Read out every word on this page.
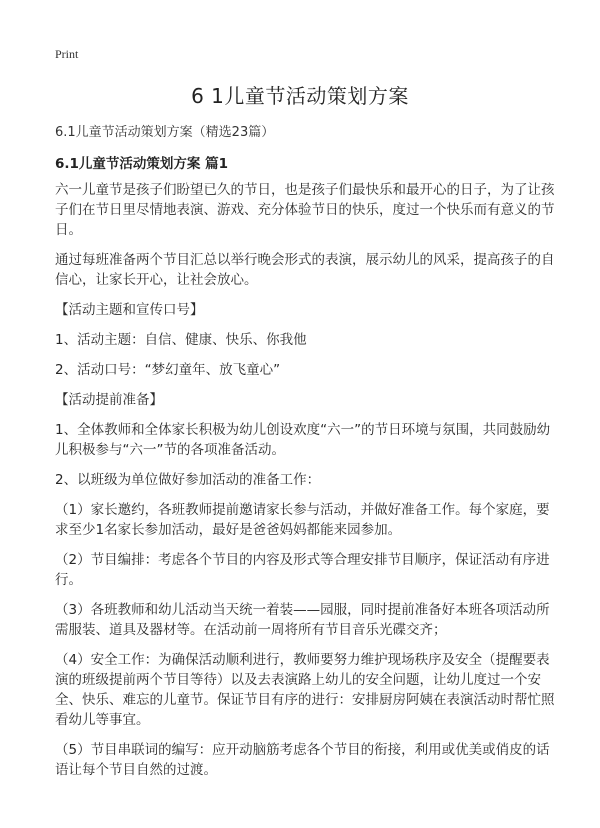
Print
6 1儿童节活动策划方案
6.1儿童节活动策划方案（精选23篇）
6.1儿童节活动策划方案 篇1

六一儿童节是孩子们盼望已久的节日，也是孩子们最快乐和最开心的日子，为了让孩子们在节日里尽情地表演、游戏、充分体验节日的快乐，度过一个快乐而有意义的节日。

通过每班准备两个节目汇总以举行晚会形式的表演，展示幼儿的风采，提高孩子的自信心，让家长开心，让社会放心。

【活动主题和宣传口号】

1、活动主题：自信、健康、快乐、你我他

2、活动口号：“梦幻童年、放飞童心”

【活动提前准备】

1、全体教师和全体家长积极为幼儿创设欢度“六一”的节日环境与氛围，共同鼓励幼儿积极参与“六一”节的各项准备活动。

2、以班级为单位做好参加活动的准备工作：

（1）家长邀约，各班教师提前邀请家长参与活动，并做好准备工作。每个家庭，要求至少1名家长参加活动，最好是爸爸妈妈都能来园参加。

（2）节目编排：考虑各个节目的内容及形式等合理安排节目顺序，保证活动有序进行。

（3）各班教师和幼儿活动当天统一着装——园服，同时提前准备好本班各项活动所需服装、道具及器材等。在活动前一周将所有节目音乐光碟交齐；

（4）安全工作：为确保活动顺利进行，教师要努力维护现场秩序及安全（提醒要表演的班级提前两个节目等待）以及去表演路上幼儿的安全问题，让幼儿度过一个安全、快乐、难忘的儿童节。保证节目有序的进行：安排厨房阿姨在表演活动时帮忙照看幼儿等事宜。

（5）节目串联词的编写：应开动脑筋考虑各个节目的衔接，利用或优美或俏皮的话语让每个节目自然的过渡。
